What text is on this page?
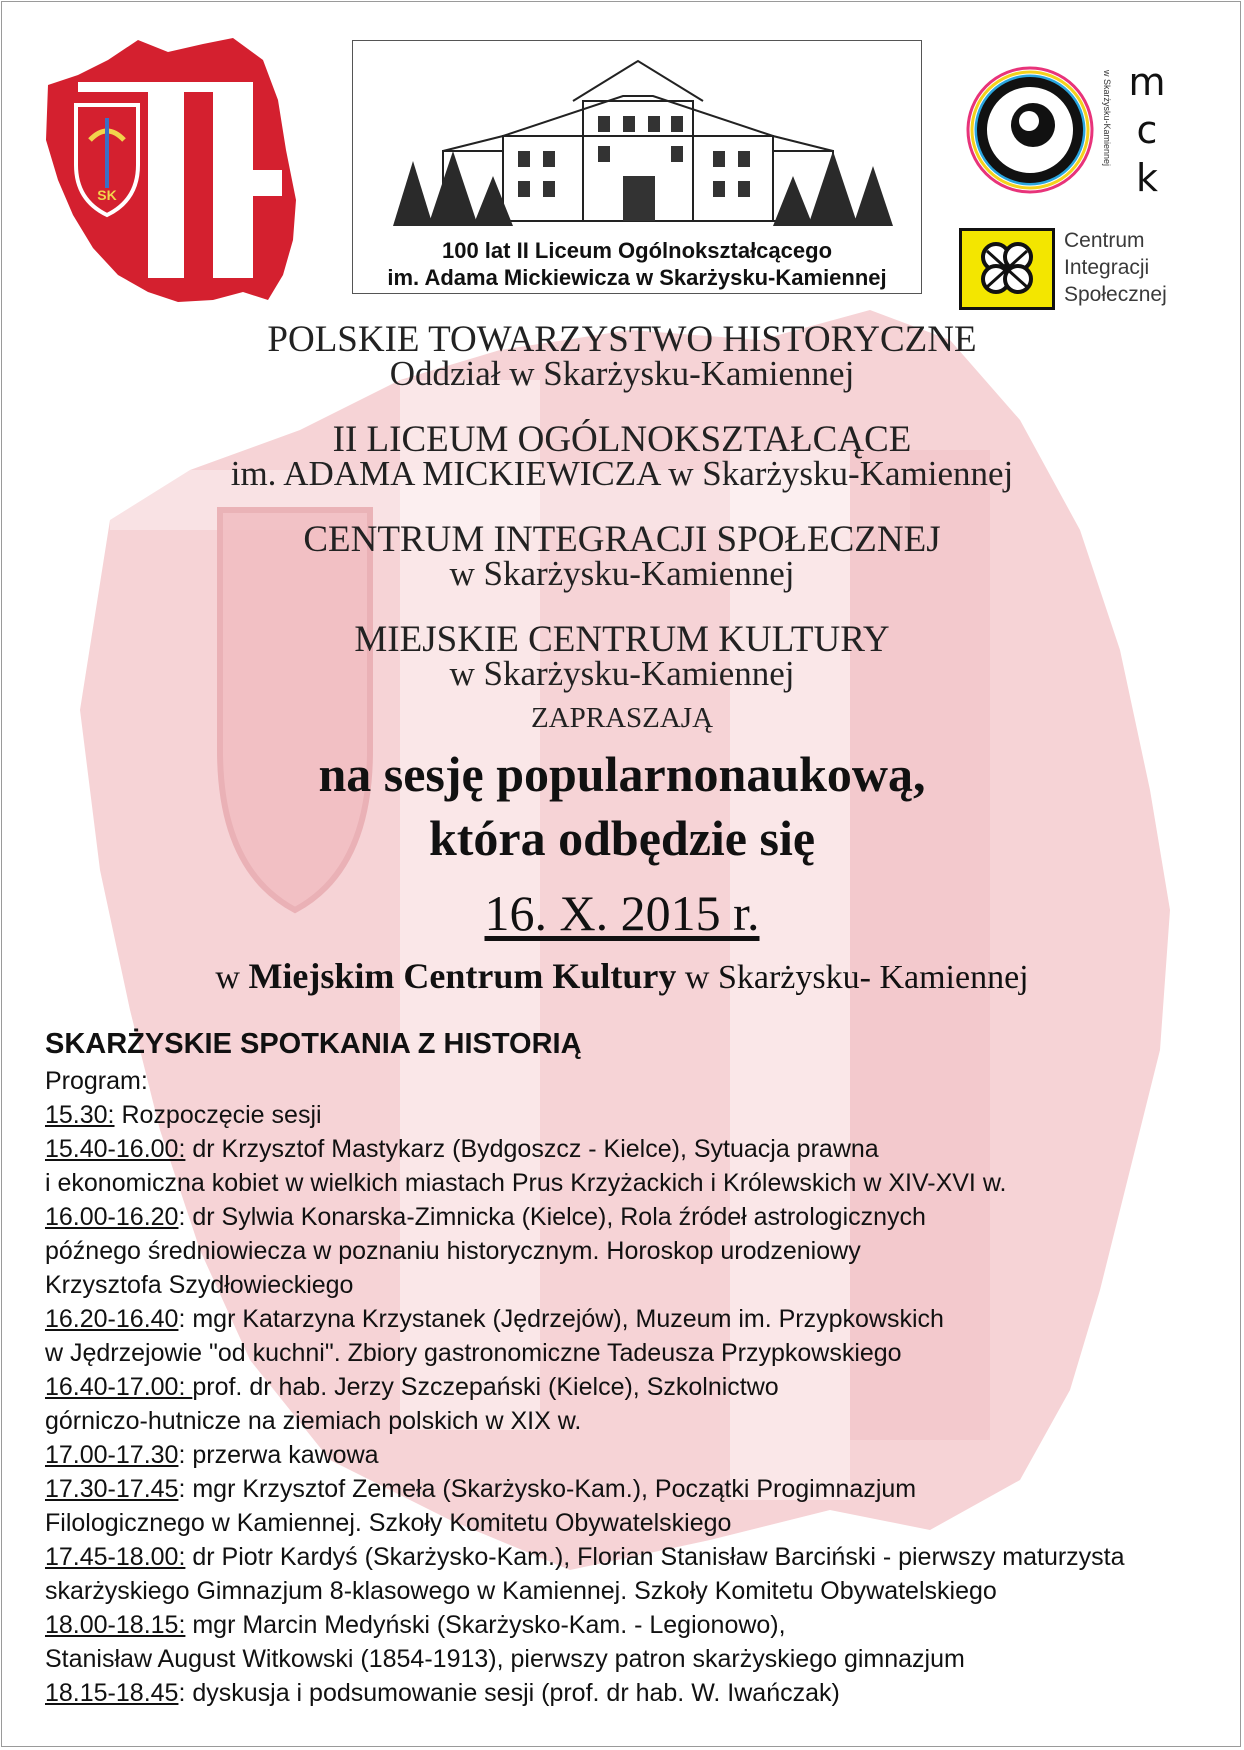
SK
100 lat II Liceum Ogólnokształcącego
im. Adama Mickiewicza w Skarżysku-Kamiennej
w Skarżysku-Kamiennej mck
Centrum
Integracji
Społecznej
POLSKIE TOWARZYSTWO HISTORYCZNE
Oddział w Skarżysku-Kamiennej
II LICEUM OGÓLNOKSZTAŁCĄCE
im. ADAMA MICKIEWICZA w Skarżysku-Kamiennej
CENTRUM INTEGRACJI SPOŁECZNEJ
w Skarżysku-Kamiennej
MIEJSKIE CENTRUM KULTURY
w Skarżysku-Kamiennej
ZAPRASZAJĄ
na sesję popularnonaukową,
która odbędzie się
16. X. 2015 r.
w Miejskim Centrum Kultury w Skarżysku- Kamiennej
SKARŻYSKIE SPOTKANIA Z HISTORIĄ
Program:
15.30: Rozpoczęcie sesji
15.40-16.00: dr Krzysztof Mastykarz (Bydgoszcz - Kielce), Sytuacja prawna
i ekonomiczna kobiet w wielkich miastach Prus Krzyżackich i Królewskich w XIV-XVI w.
16.00-16.20: dr Sylwia Konarska-Zimnicka (Kielce), Rola źródeł astrologicznych
późnego średniowiecza w poznaniu historycznym. Horoskop urodzeniowy
Krzysztofa Szydłowieckiego
16.20-16.40: mgr Katarzyna Krzystanek (Jędrzejów), Muzeum im. Przypkowskich
w Jędrzejowie "od kuchni". Zbiory gastronomiczne Tadeusza Przypkowskiego
16.40-17.00: prof. dr hab. Jerzy Szczepański (Kielce), Szkolnictwo
górniczo-hutnicze na ziemiach polskich w XIX w.
17.00-17.30: przerwa kawowa
17.30-17.45: mgr Krzysztof Zemeła (Skarżysko-Kam.), Początki Progimnazjum
Filologicznego w Kamiennej. Szkoły Komitetu Obywatelskiego
17.45-18.00: dr Piotr Kardyś (Skarżysko-Kam.), Florian Stanisław Barciński - pierwszy maturzysta
skarżyskiego Gimnazjum 8-klasowego w Kamiennej. Szkoły Komitetu Obywatelskiego
18.00-18.15: mgr Marcin Medyński (Skarżysko-Kam. - Legionowo),
Stanisław August Witkowski (1854-1913), pierwszy patron skarżyskiego gimnazjum
18.15-18.45: dyskusja i podsumowanie sesji (prof. dr hab. W. Iwańczak)
